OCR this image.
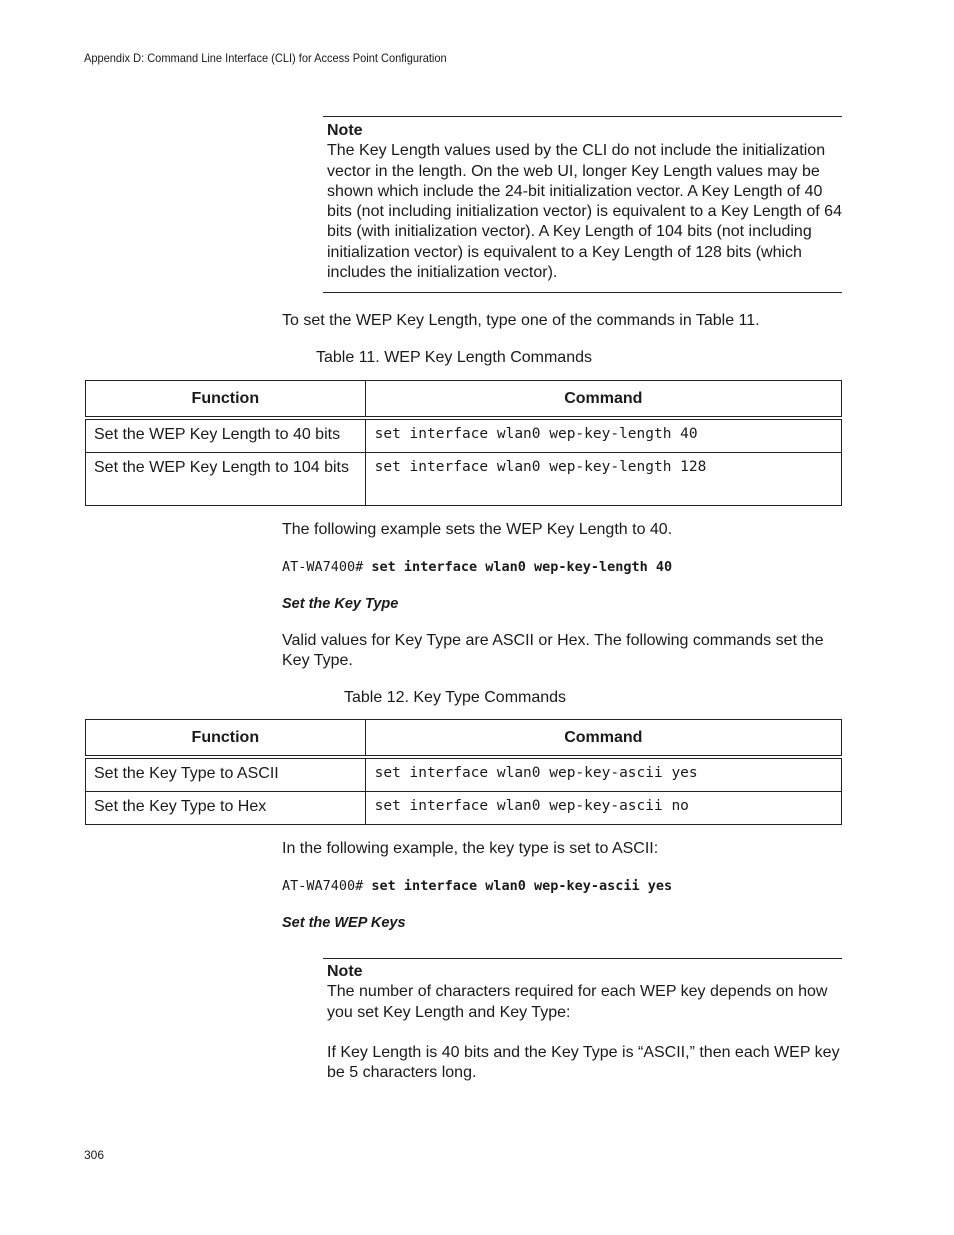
Appendix D: Command Line Interface (CLI) for Access Point Configuration
Note

The Key Length values used by the CLI do not include the initialization vector in the length. On the web UI, longer Key Length values may be shown which include the 24-bit initialization vector. A Key Length of 40 bits (not including initialization vector) is equivalent to a Key Length of 64 bits (with initialization vector). A Key Length of 104 bits (not including initialization vector) is equivalent to a Key Length of 128 bits (which includes the initialization vector).

To set the WEP Key Length, type one of the commands in Table 11.
Table 11. WEP Key Length Commands
Function	Command
Set the WEP Key Length to 40 bits	set interface wlan0 wep-key-length 40
Set the WEP Key Length to 104 bits	set interface wlan0 wep-key-length 128
The following example sets the WEP Key Length to 40.
AT-WA7400# set interface wlan0 wep-key-length 40
Set the Key Type
Valid values for Key Type are ASCII or Hex. The following commands set the Key Type.
Table 12. Key Type Commands
Function	Command
Set the Key Type to ASCII	set interface wlan0 wep-key-ascii yes
Set the Key Type to Hex	set interface wlan0 wep-key-ascii no
In the following example, the key type is set to ASCII:
AT-WA7400# set interface wlan0 wep-key-ascii yes
Set the WEP Keys
Note

The number of characters required for each WEP key depends on how you set Key Length and Key Type:

If Key Length is 40 bits and the Key Type is “ASCII,” then each WEP key be 5 characters long.

306
